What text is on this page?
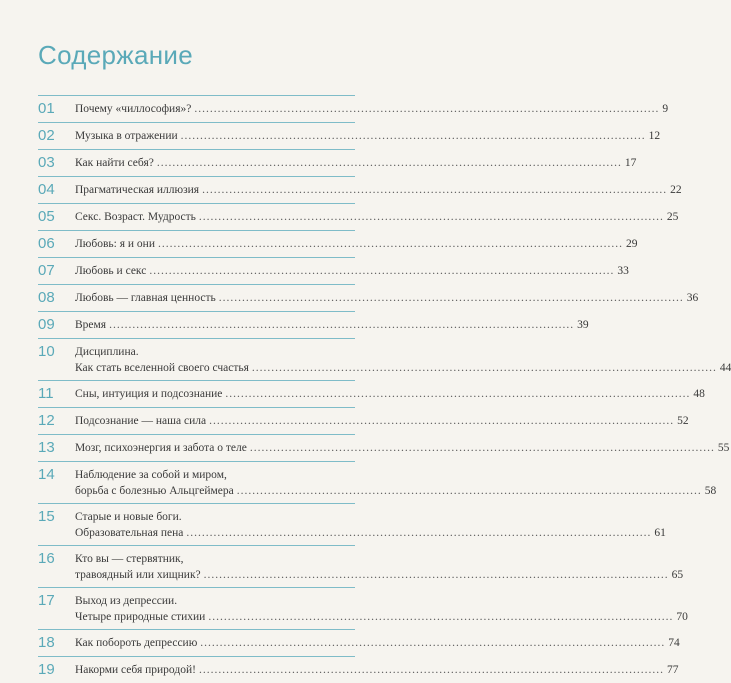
Содержание
01 Почему «чиллософия»? ........................................................................................................................ 9
02 Музыка в отражении ........................................................................................................................ 12
03 Как найти себя? ........................................................................................................................ 17
04 Прагматическая иллюзия ........................................................................................................................ 22
05 Секс. Возраст. Мудрость ........................................................................................................................ 25
06 Любовь: я и они ........................................................................................................................ 29
07 Любовь и секс ........................................................................................................................ 33
08 Любовь — главная ценность ........................................................................................................................ 36
09 Время ........................................................................................................................ 39
10 Дисциплина.
Как стать вселенной своего счастья ........................................................................................................................ 44
11 Сны, интуиция и подсознание ........................................................................................................................ 48
12 Подсознание — наша сила ........................................................................................................................ 52
13 Мозг, психоэнергия и забота о теле ........................................................................................................................ 55
14 Наблюдение за собой и миром,
борьба с болезнью Альцгеймера ........................................................................................................................ 58
15 Старые и новые боги.
Образовательная пена ........................................................................................................................ 61
16 Кто вы — стервятник,
травоядный или хищник? ........................................................................................................................ 65
17 Выход из депрессии.
Четыре природные стихии ........................................................................................................................ 70
18 Как побороть депрессию ........................................................................................................................ 74
19 Накорми себя природой! ........................................................................................................................ 77
